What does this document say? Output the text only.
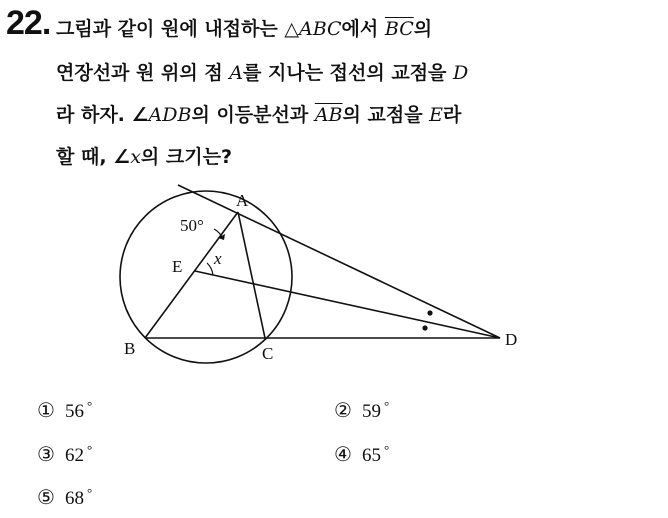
22. 그림과 같이 원에 내접하는 △ABC에서 $\overline{BC}$의
연장선과 원 위의 점 A를 지나는 접선의 교점을 D
라 하자. ∠ADB의 이등분선과 $\overline{AB}$의 교점을 E라
할 때, ∠x의 크기는?
A
B	C
D
E
50°
x
① 56 °	② 59 °
③ 62 °	④ 65 °
⑤ 68 °
